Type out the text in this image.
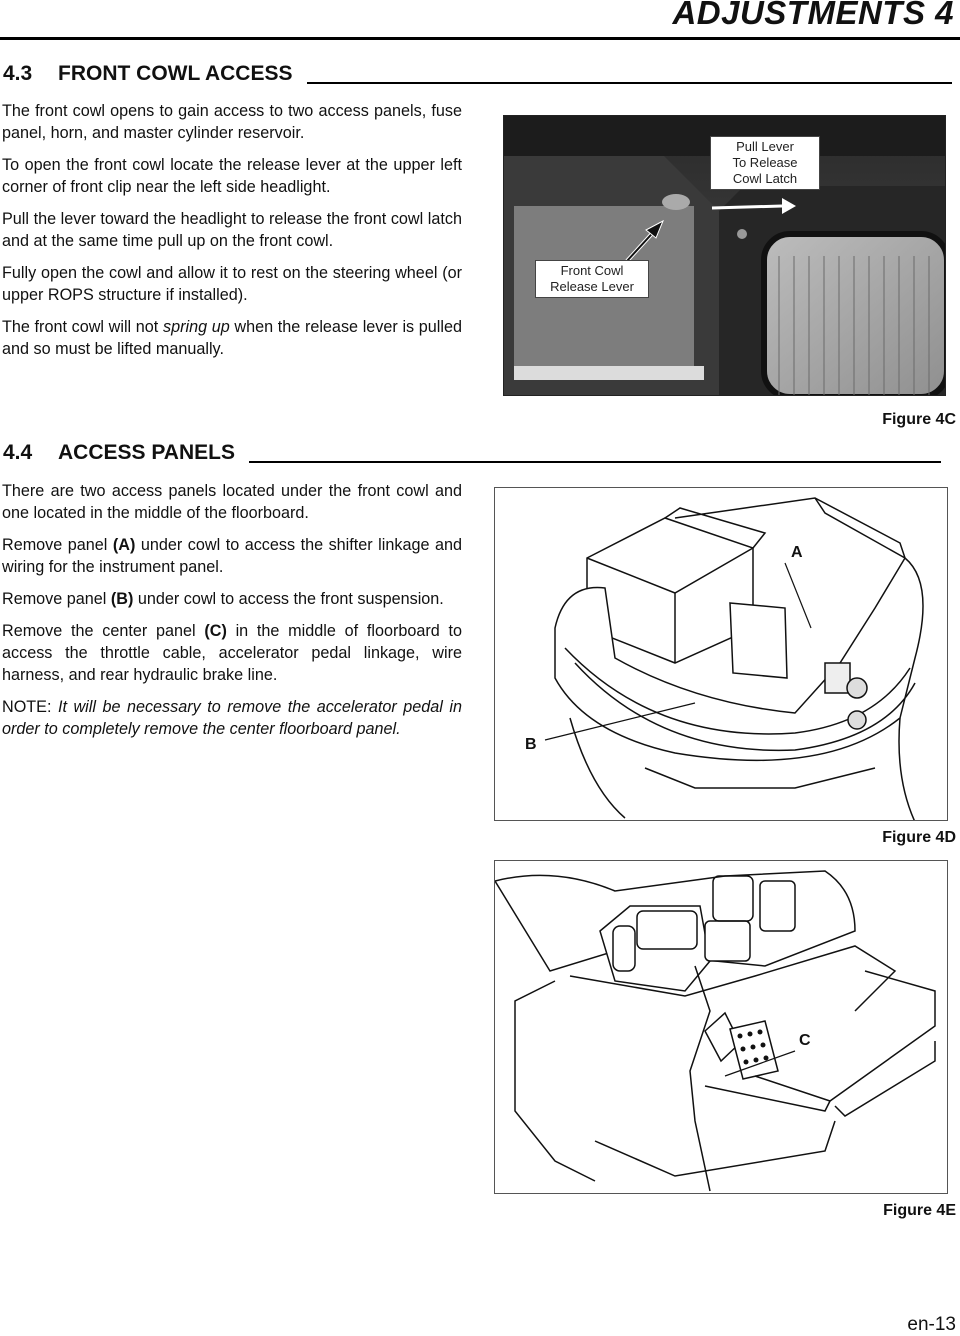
ADJUSTMENTS 4
4.3	FRONT COWL ACCESS

The front cowl opens to gain access to two access panels, fuse panel, horn, and master cylinder reservoir.

To open the front cowl locate the release lever at the upper left corner of front clip near the left side headlight.

Pull the lever toward the headlight to release the front cowl latch and at the same time pull up on the front cowl.

Fully open the cowl and allow it to rest on the steering wheel (or upper ROPS structure if installed).

The front cowl will not spring up when the release lever is pulled and so must be lifted manually.

Pull Lever
To Release
Cowl Latch
Front Cowl
Release Lever
Figure 4C
4.4	ACCESS PANELS

There are two access panels located under the front cowl and one located in the middle of the floorboard.

Remove panel (A) under cowl to access the shifter linkage and wiring for the instrument panel.

Remove panel (B) under cowl to access the front suspension.

Remove the center panel (C) in the middle of floorboard to access the throttle cable, accelerator pedal linkage, wire harness, and rear hydraulic brake line.

NOTE: It will be necessary to remove the accelerator pedal in order to completely remove the center floorboard panel.

A
B
Figure 4D
C
Figure 4E
en-13
